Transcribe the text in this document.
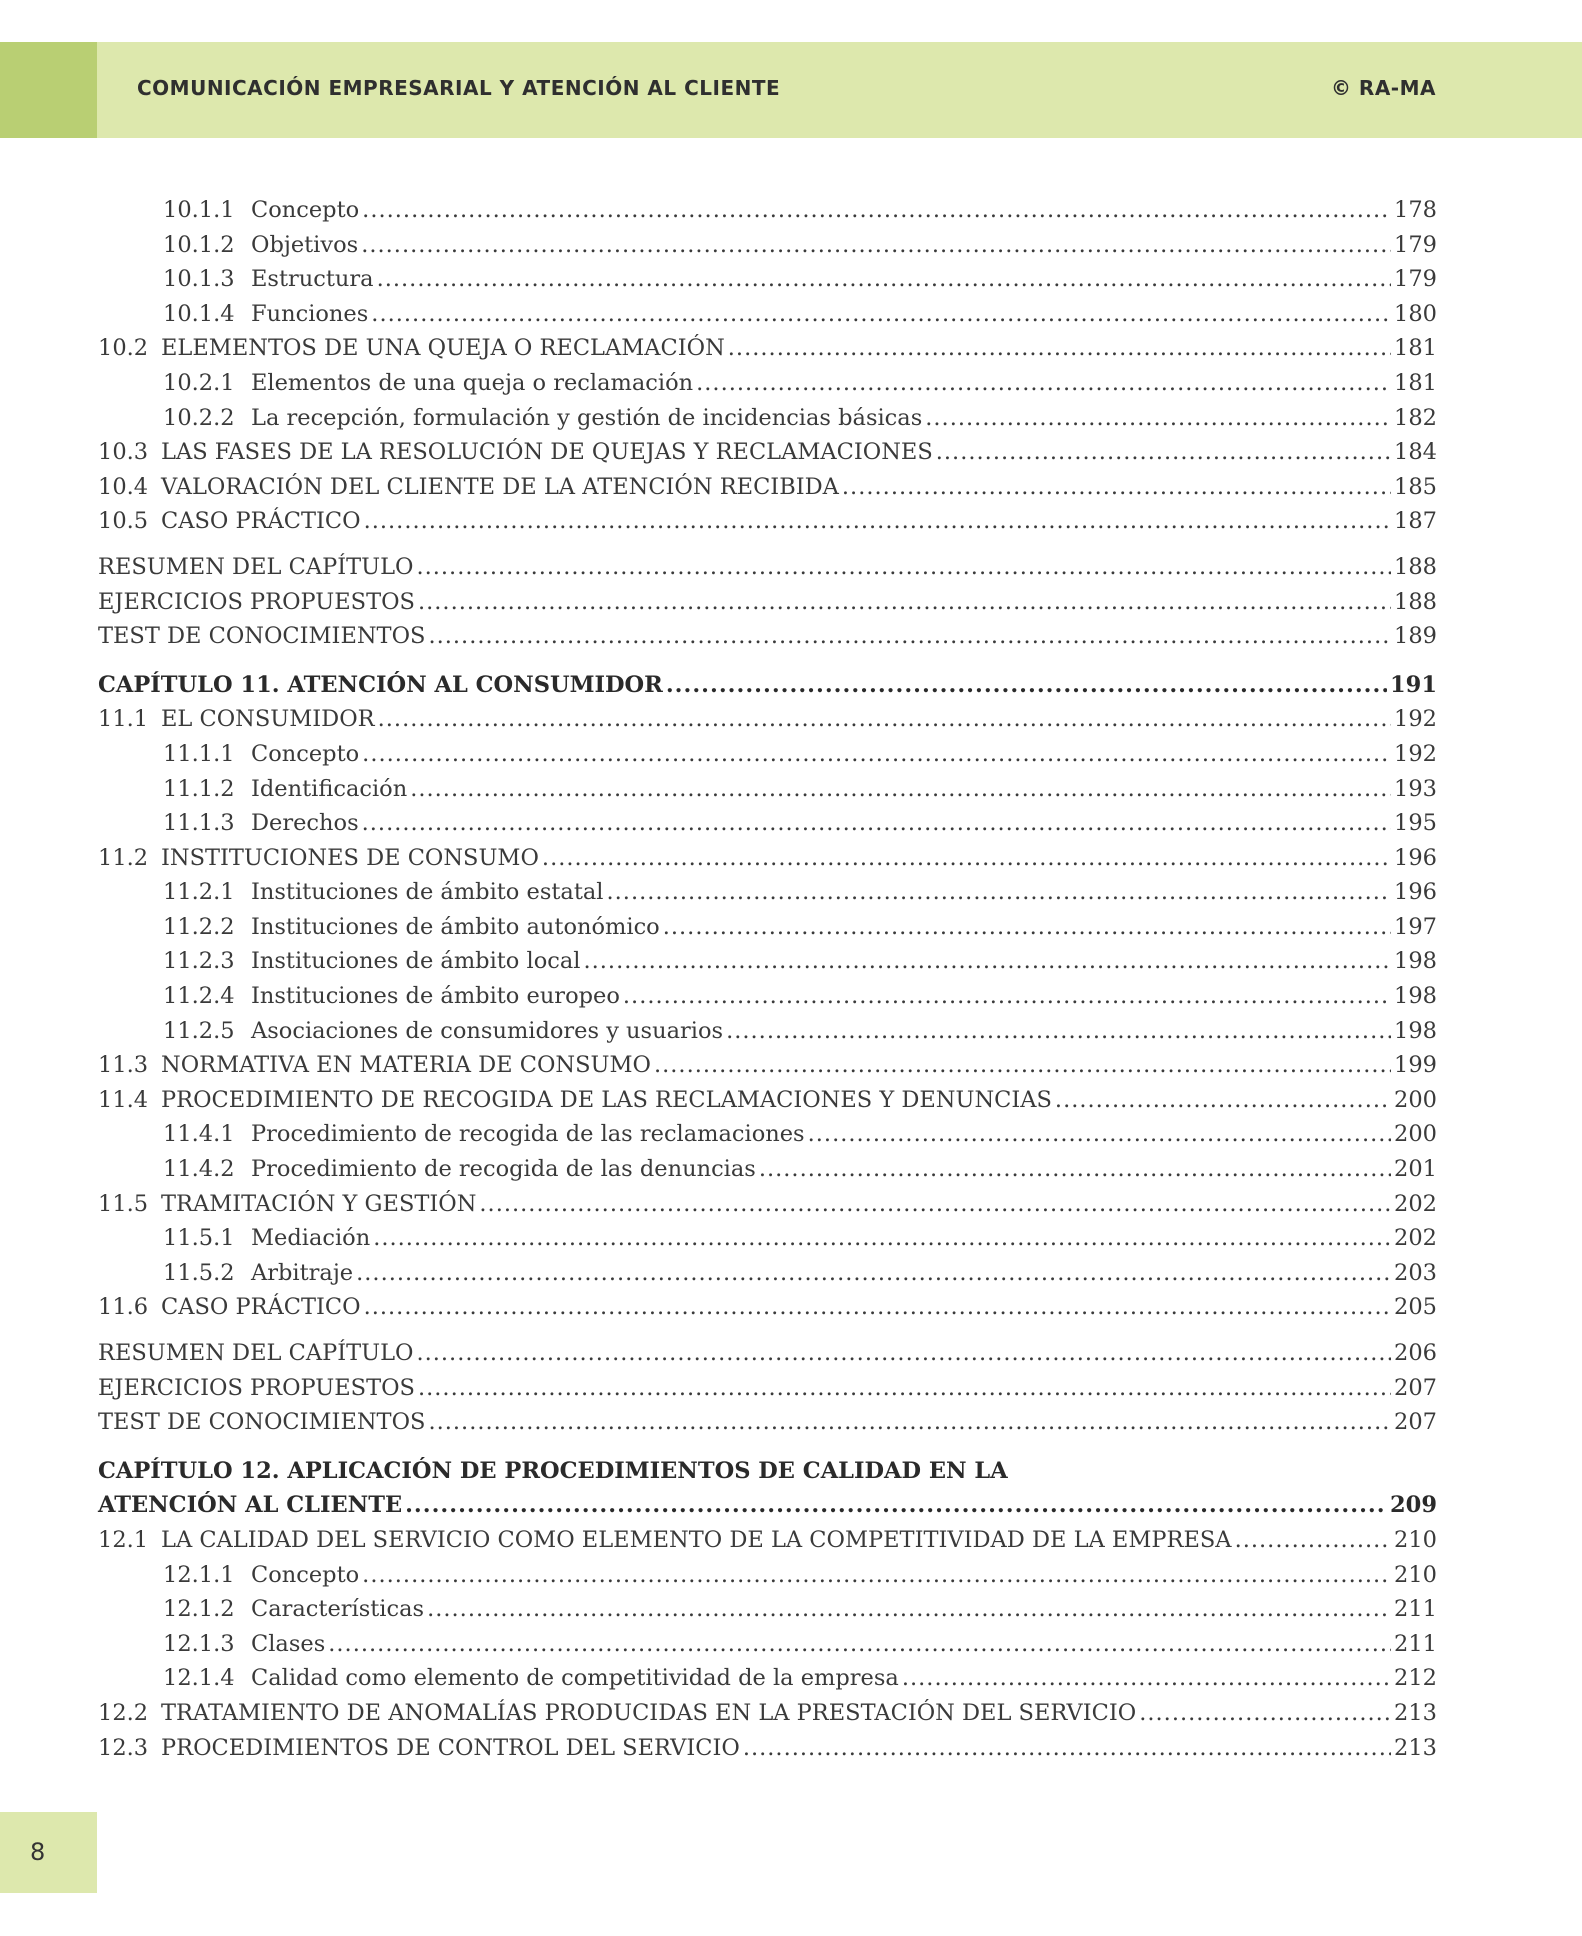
COMUNICACIÓN EMPRESARIAL Y ATENCIÓN AL CLIENTE	© RA-MA
10.1.1 Concepto .....	178
10.1.2 Objetivos .....	179
10.1.3 Estructura .....	179
10.1.4 Funciones .....	180
10.2 ELEMENTOS DE UNA QUEJA O RECLAMACIÓN .....	181
10.2.1 Elementos de una queja o reclamación .....	181
10.2.2 La recepción, formulación y gestión de incidencias básicas .....	182
10.3 LAS FASES DE LA RESOLUCIÓN DE QUEJAS Y RECLAMACIONES .....	184
10.4 VALORACIÓN DEL CLIENTE DE LA ATENCIÓN RECIBIDA .....	185
10.5 CASO PRÁCTICO .....	187
RESUMEN DEL CAPÍTULO .....	188
EJERCICIOS PROPUESTOS .....	188
TEST DE CONOCIMIENTOS .....	189
CAPÍTULO 11. ATENCIÓN AL CONSUMIDOR .....	191
11.1 EL CONSUMIDOR .....	192
11.1.1 Concepto .....	192
11.1.2 Identificación .....	193
11.1.3 Derechos .....	195
11.2 INSTITUCIONES DE CONSUMO .....	196
11.2.1 Instituciones de ámbito estatal .....	196
11.2.2 Instituciones de ámbito autonómico .....	197
11.2.3 Instituciones de ámbito local .....	198
11.2.4 Instituciones de ámbito europeo .....	198
11.2.5 Asociaciones de consumidores y usuarios .....	198
11.3 NORMATIVA EN MATERIA DE CONSUMO .....	199
11.4 PROCEDIMIENTO DE RECOGIDA DE LAS RECLAMACIONES Y DENUNCIAS .....	200
11.4.1 Procedimiento de recogida de las reclamaciones .....	200
11.4.2 Procedimiento de recogida de las denuncias .....	201
11.5 TRAMITACIÓN Y GESTIÓN .....	202
11.5.1 Mediación .....	202
11.5.2 Arbitraje .....	203
11.6 CASO PRÁCTICO .....	205
RESUMEN DEL CAPÍTULO .....	206
EJERCICIOS PROPUESTOS .....	207
TEST DE CONOCIMIENTOS .....	207
CAPÍTULO 12. APLICACIÓN DE PROCEDIMIENTOS DE CALIDAD EN LA
ATENCIÓN AL CLIENTE .....	209
12.1 LA CALIDAD DEL SERVICIO COMO ELEMENTO DE LA COMPETITIVIDAD DE LA EMPRESA .....	210
12.1.1 Concepto .....	210
12.1.2 Características .....	211
12.1.3 Clases .....	211
12.1.4 Calidad como elemento de competitividad de la empresa .....	212
12.2 TRATAMIENTO DE ANOMALÍAS PRODUCIDAS EN LA PRESTACIÓN DEL SERVICIO .....	213
12.3 PROCEDIMIENTOS DE CONTROL DEL SERVICIO .....	213
8
